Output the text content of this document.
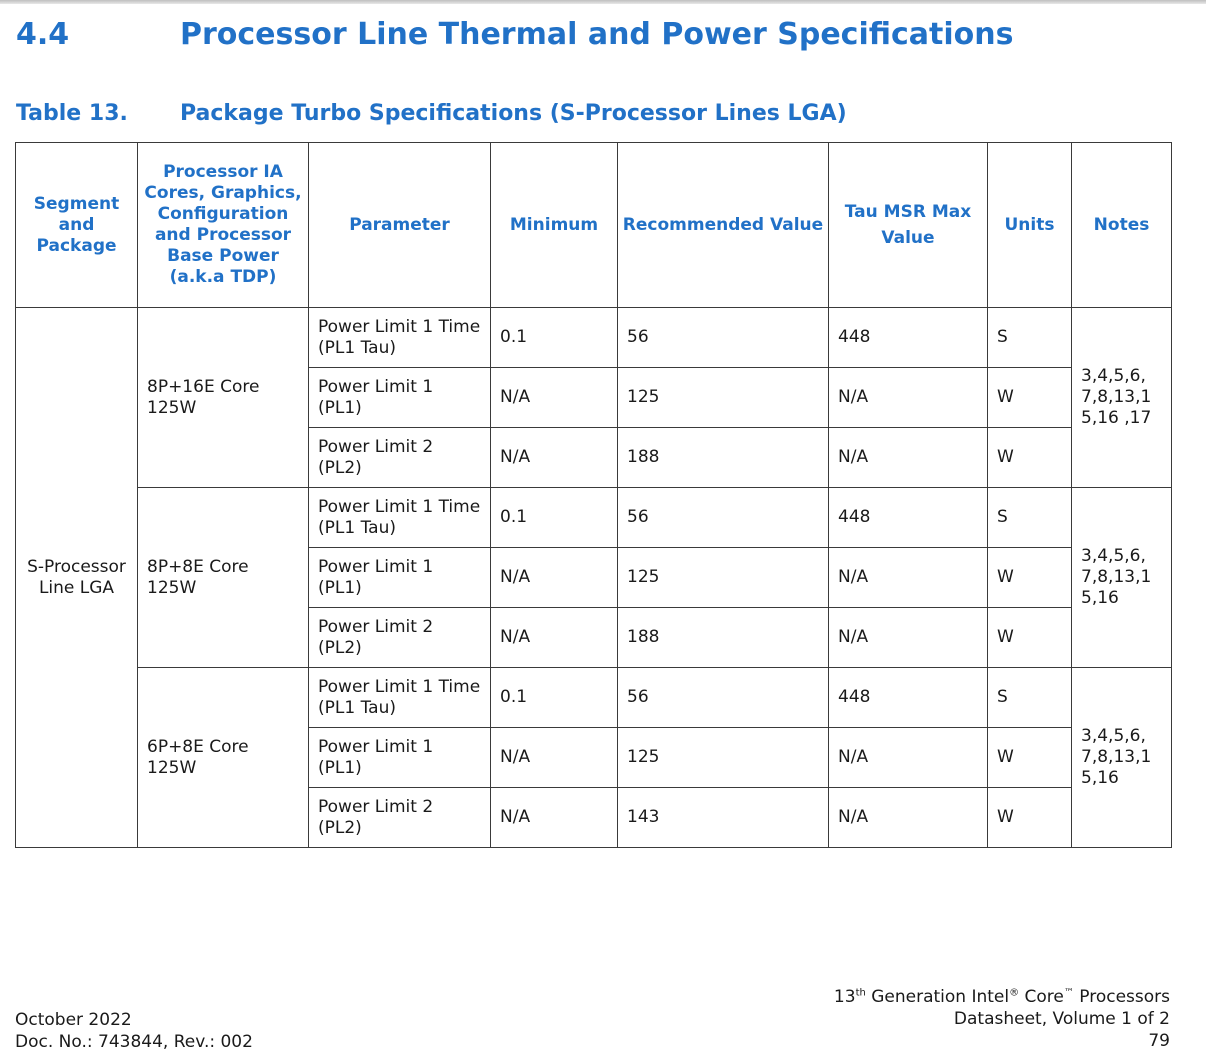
4.4	Processor Line Thermal and Power Specifications
Table 13. Package Turbo Specifications (S-Processor Lines LGA)
Segment and Package	Processor IA Cores, Graphics, Configuration and Processor Base Power (a.k.a TDP)	Parameter	Minimum	Recommended Value	Tau MSR Max Value	Units	Notes
S-Processor Line LGA	8P+16E Core 125W	Power Limit 1 Time (PL1 Tau)	0.1	56	448	S	3,4,5,6, 7,8,13,1 5,16 ,17
		Power Limit 1 (PL1)	N/A	125	N/A	W	
		Power Limit 2 (PL2)	N/A	188	N/A	W	
	8P+8E Core 125W	Power Limit 1 Time (PL1 Tau)	0.1	56	448	S	3,4,5,6, 7,8,13,1 5,16
		Power Limit 1 (PL1)	N/A	125	N/A	W	
		Power Limit 2 (PL2)	N/A	188	N/A	W	
	6P+8E Core 125W	Power Limit 1 Time (PL1 Tau)	0.1	56	448	S	3,4,5,6, 7,8,13,1 5,16
		Power Limit 1 (PL1)	N/A	125	N/A	W	
		Power Limit 2 (PL2)	N/A	143	N/A	W	
October 2022
Doc. No.: 743844, Rev.: 002
13th Generation Intel® Core™ Processors
Datasheet, Volume 1 of 2
79
